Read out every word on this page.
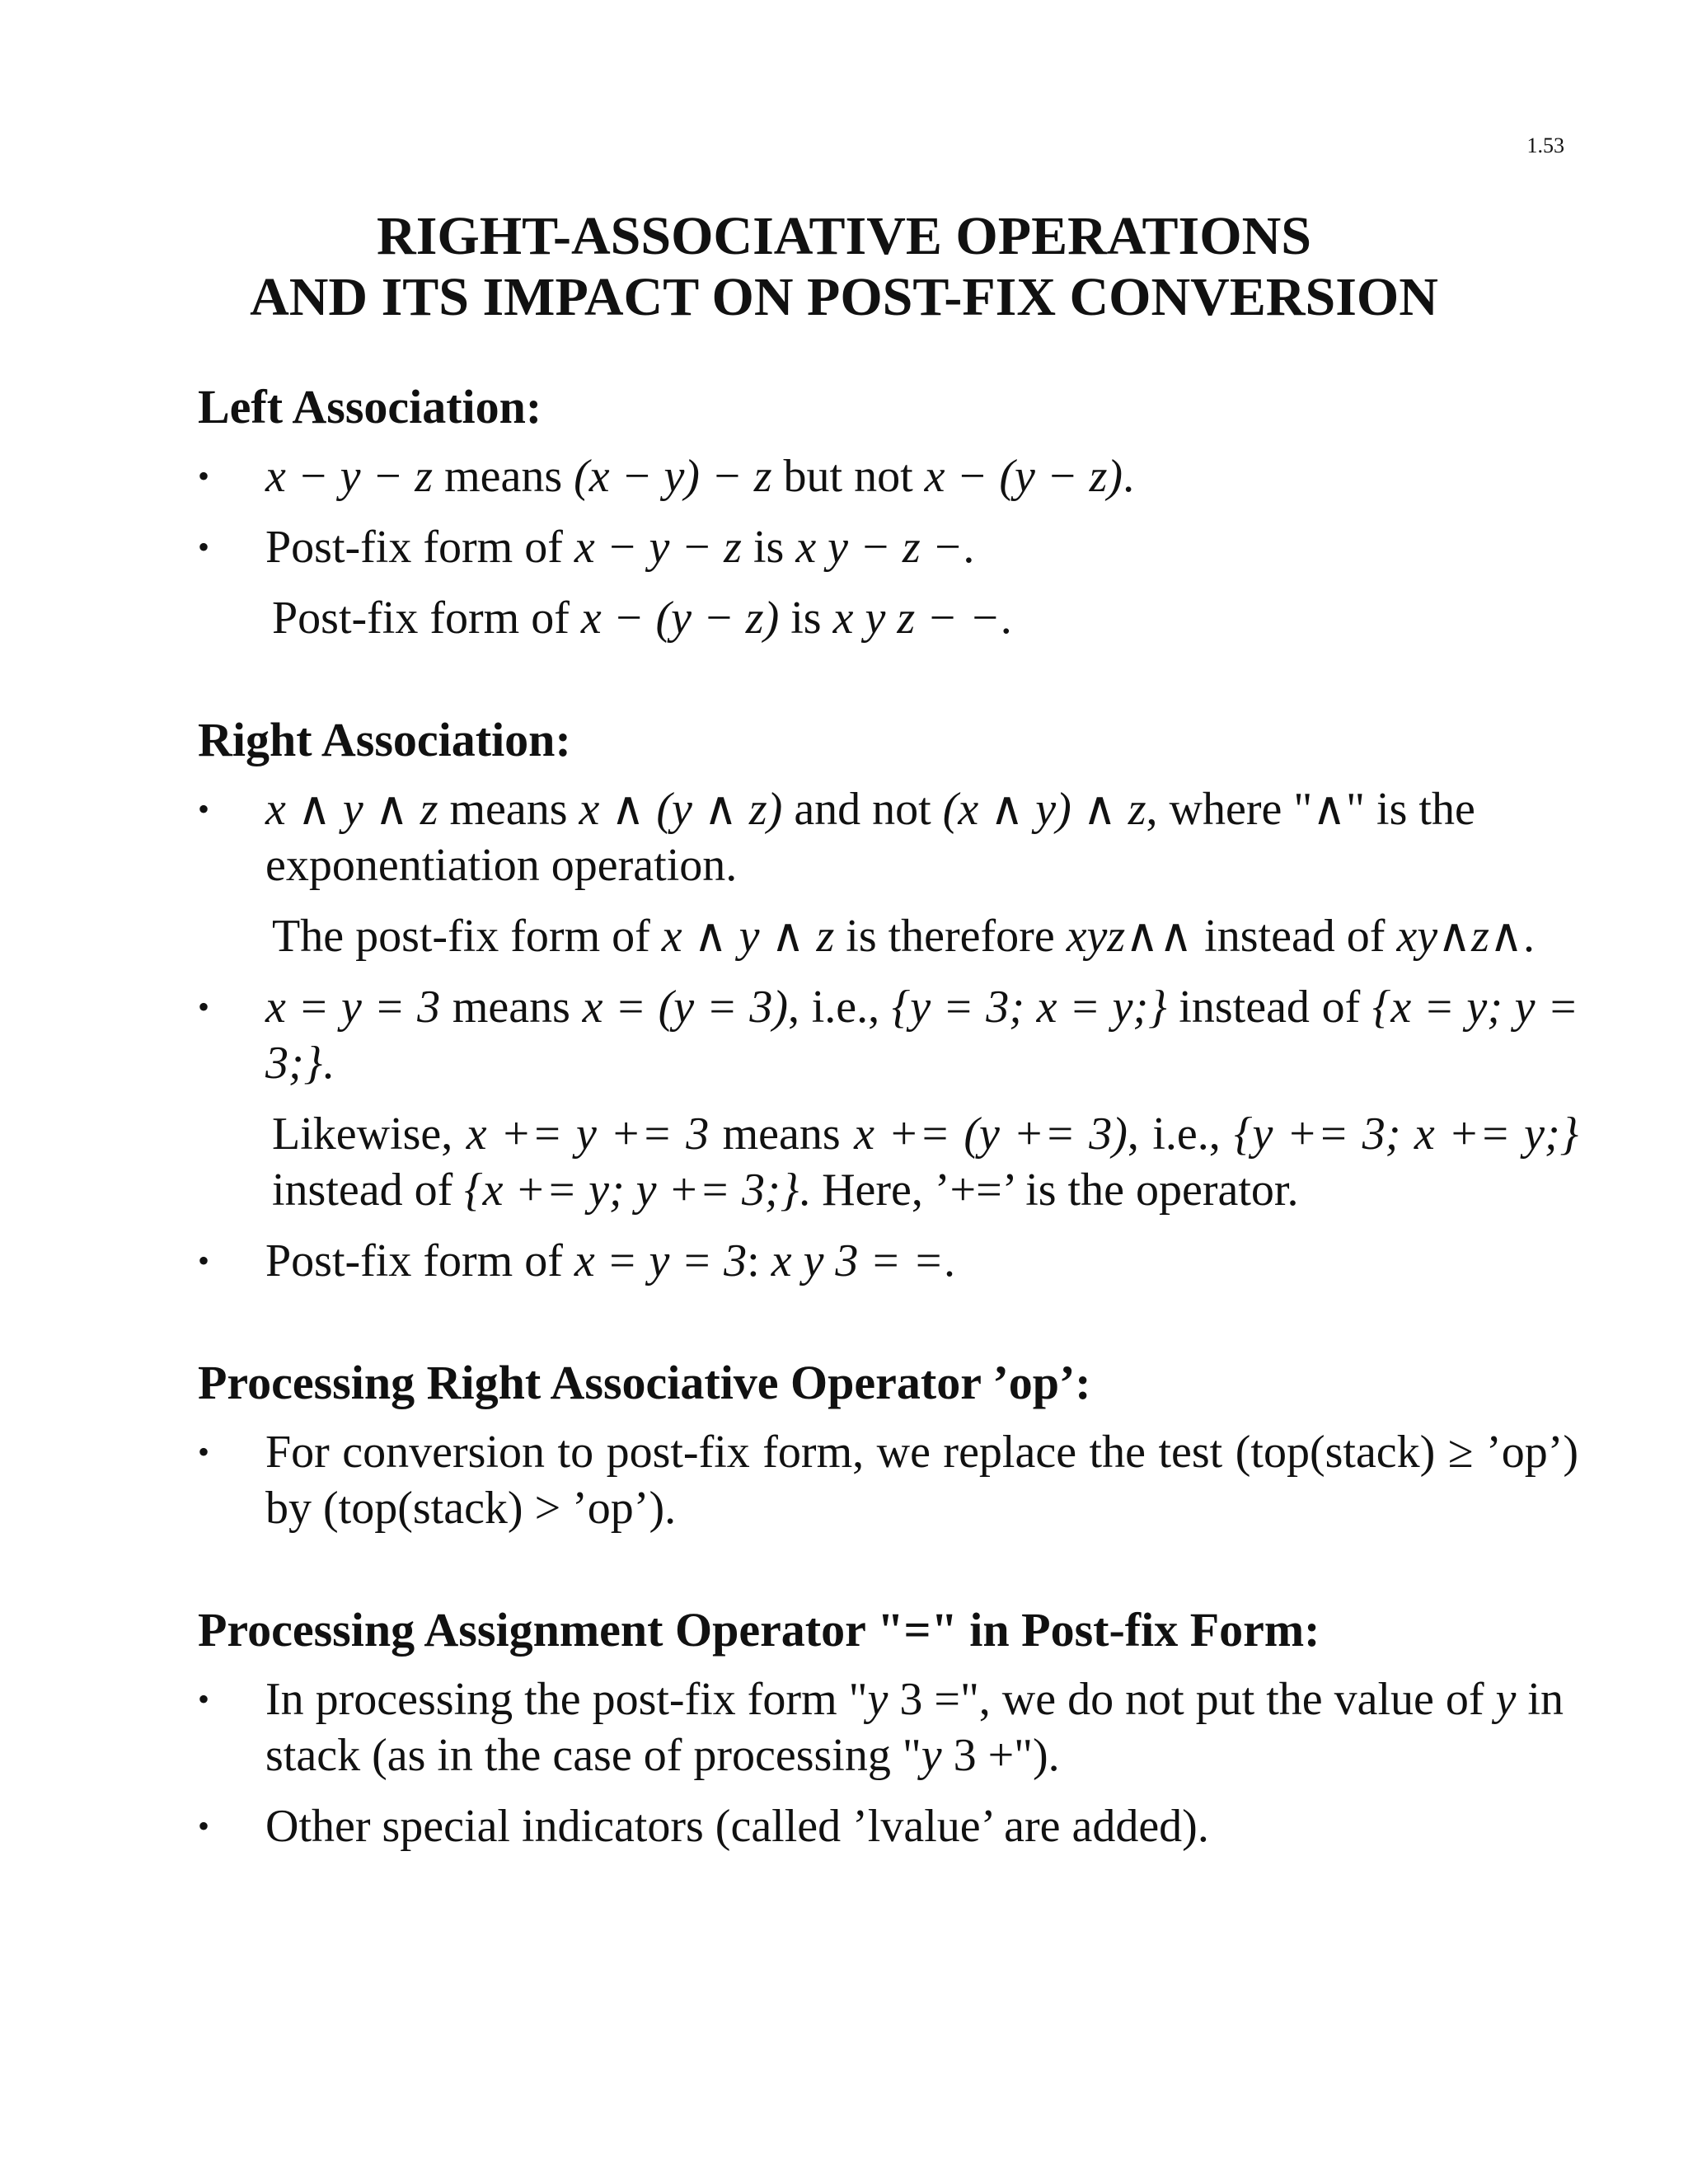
1.53
RIGHT-ASSOCIATIVE OPERATIONS
AND ITS IMPACT ON POST-FIX CONVERSION
Left Association:
• x − y − z means (x − y) − z but not x − (y − z).
• Post-fix form of x − y − z is x y − z −.
Post-fix form of x − (y − z) is x y z − −.
Right Association:
• x ∧ y ∧ z means x ∧ (y ∧ z) and not (x ∧ y) ∧ z, where "∧" is the exponentiation operation.
The post-fix form of x ∧ y ∧ z is therefore xyz∧∧ instead of xy∧z∧.
• x = y = 3 means x = (y = 3), i.e., {y = 3; x = y;} instead of {x = y; y = 3;}.
Likewise, x += y += 3 means x += (y += 3), i.e., {y += 3; x += y;} instead of {x += y; y += 3;}. Here, ’+=’ is the operator.
• Post-fix form of x = y = 3: x y 3 = =.
Processing Right Associative Operator ’op’:
• For conversion to post-fix form, we replace the test (top(stack) ≥ ’op’) by (top(stack) > ’op’).
Processing Assignment Operator "=" in Post-fix Form:
• In processing the post-fix form "y 3 =", we do not put the value of y in stack (as in the case of processing "y 3 +").
• Other special indicators (called ’lvalue’ are added).
